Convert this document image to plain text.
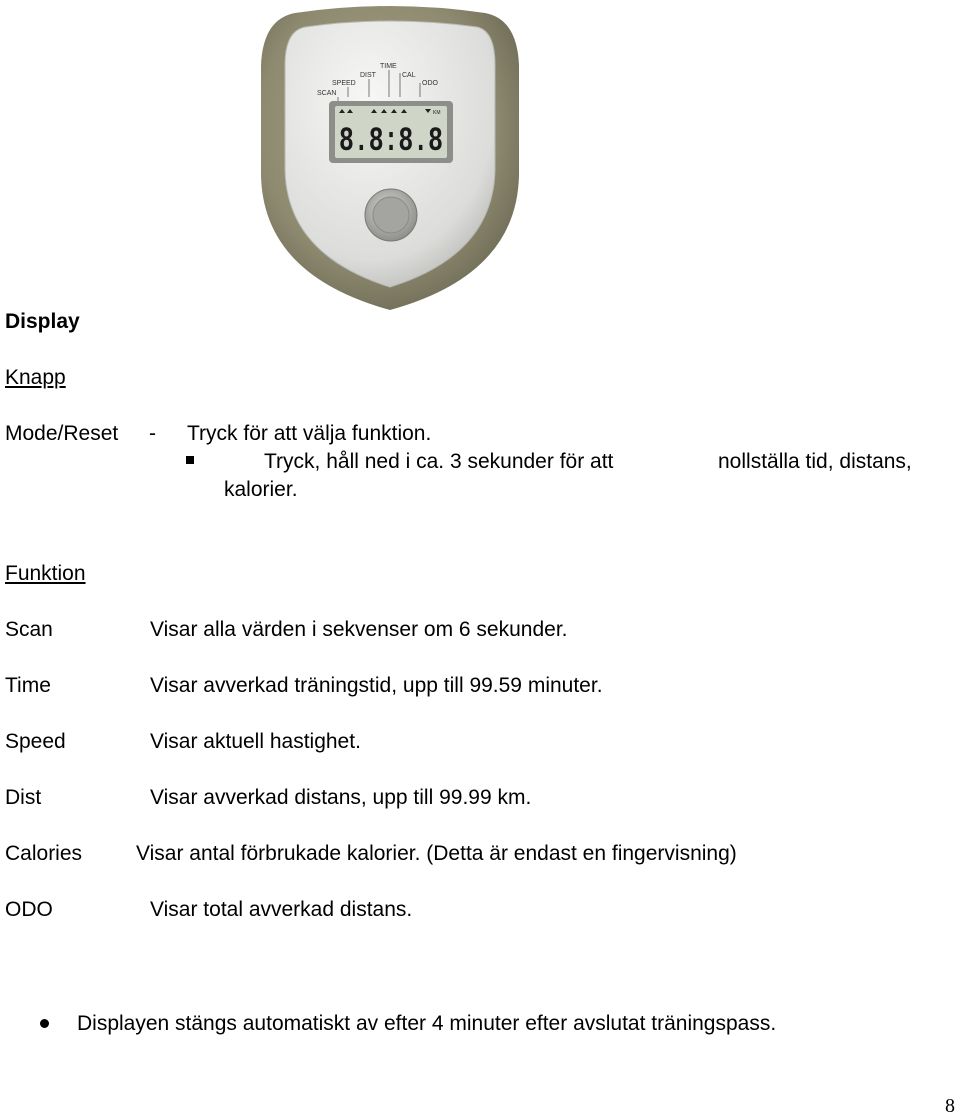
SCAN
SPEED
DIST
TIME
CAL
ODO
KM
8.8:8.8
Display
Knapp
Mode/Reset - Tryck för att välja funktion.
Tryck, håll ned i ca. 3 sekunder för att	nollställa tid, distans,
kalorier.
Funktion
Scan	Visar alla värden i sekvenser om 6 sekunder.
Time	Visar avverkad träningstid, upp till 99.59 minuter.
Speed	Visar aktuell hastighet.
Dist	Visar avverkad distans, upp till 99.99 km.
Calories	Visar antal förbrukade kalorier. (Detta är endast en fingervisning)
ODO	Visar total avverkad distans.
Displayen stängs automatiskt av efter 4 minuter efter avslutat träningspass.
8
